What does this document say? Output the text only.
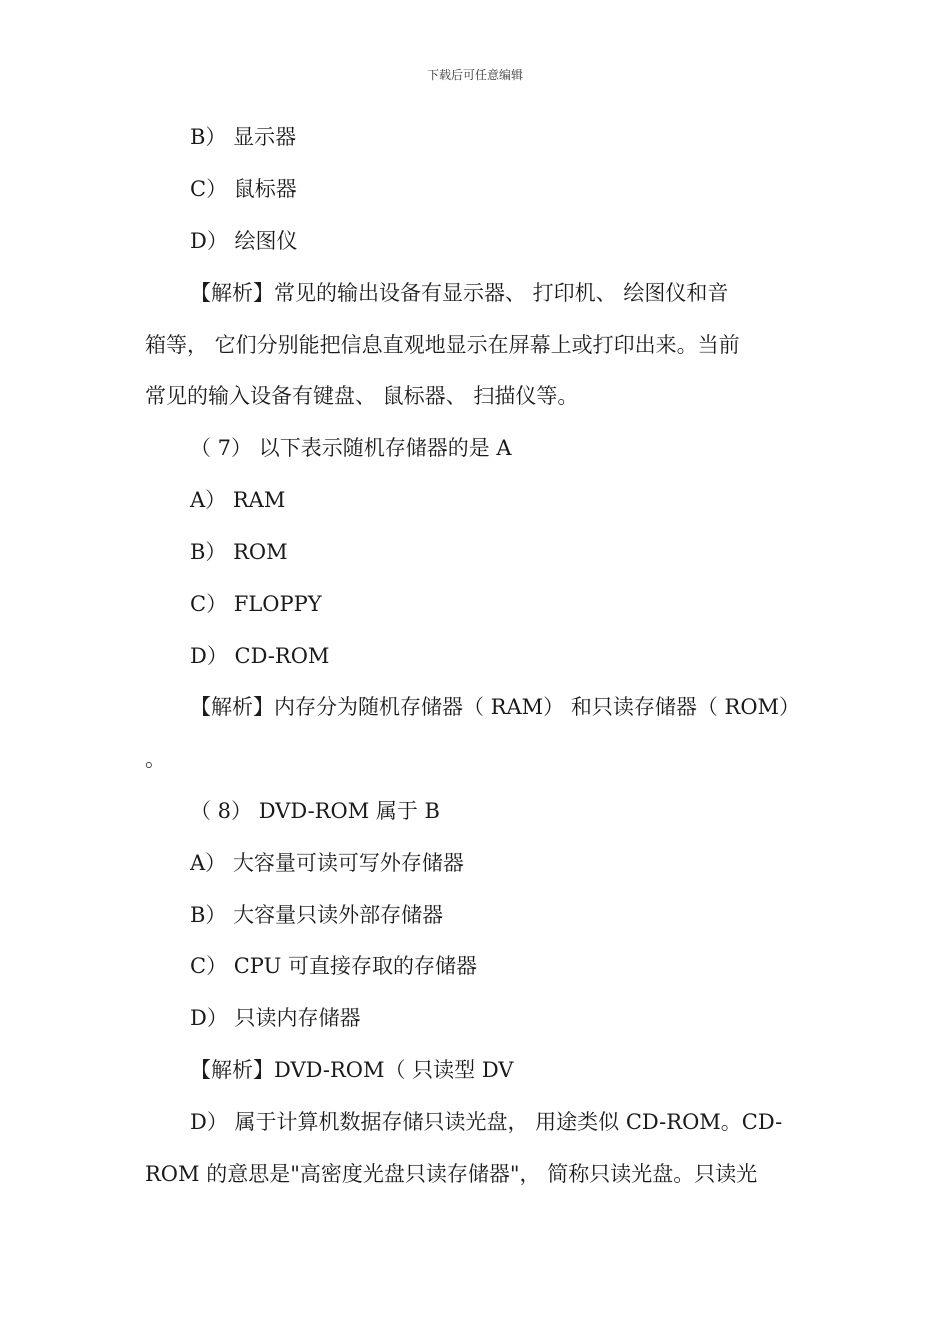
下载后可任意编辑
B） 显示器
C） 鼠标器
D） 绘图仪
【解析】常见的输出设备有显示器、 打印机、 绘图仪和音
箱等， 它们分别能把信息直观地显示在屏幕上或打印出来。当前
常见的输入设备有键盘、 鼠标器、 扫描仪等。
（ 7） 以下表示随机存储器的是 A
A） RAM
B） ROM
C） FLOPPY
D） CD-ROM
【解析】内存分为随机存储器（ RAM） 和只读存储器（ ROM）
。
（ 8） DVD-ROM 属于 B
A） 大容量可读可写外存储器
B） 大容量只读外部存储器
C） CPU 可直接存取的存储器
D） 只读内存储器
【解析】DVD-ROM（ 只读型 DV
D） 属于计算机数据存储只读光盘， 用途类似 CD-ROM。CD-
ROM 的意思是"高密度光盘只读存储器"， 简称只读光盘。只读光
